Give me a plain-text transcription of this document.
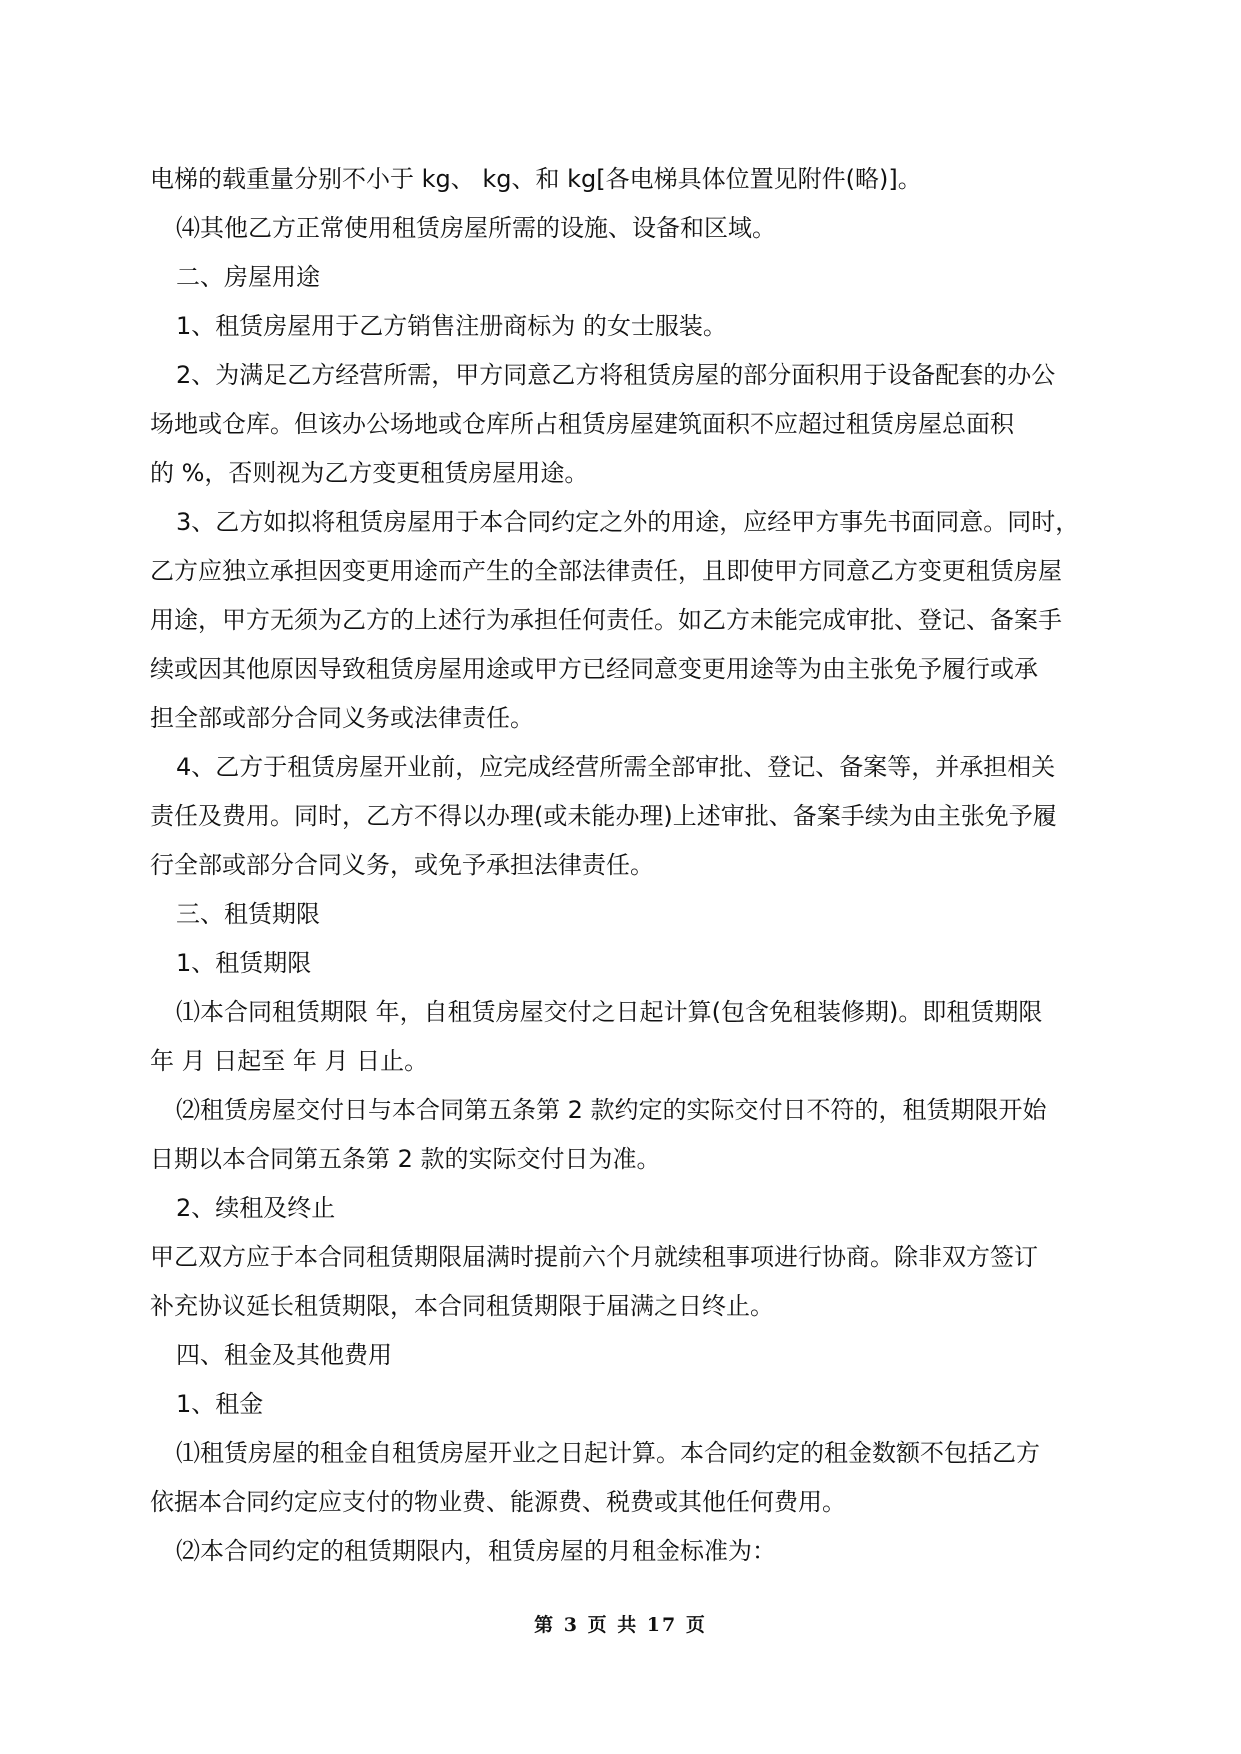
电梯的载重量分别不小于 kg、 kg、和 kg[各电梯具体位置见附件(略)]。
⑷其他乙方正常使用租赁房屋所需的设施、设备和区域。
二、房屋用途
1、租赁房屋用于乙方销售注册商标为 的女士服装。
2、为满足乙方经营所需，甲方同意乙方将租赁房屋的部分面积用于设备配套的办公
场地或仓库。但该办公场地或仓库所占租赁房屋建筑面积不应超过租赁房屋总面积
的 %，否则视为乙方变更租赁房屋用途。
3、乙方如拟将租赁房屋用于本合同约定之外的用途，应经甲方事先书面同意。同时，
乙方应独立承担因变更用途而产生的全部法律责任，且即使甲方同意乙方变更租赁房屋
用途，甲方无须为乙方的上述行为承担任何责任。如乙方未能完成审批、登记、备案手
续或因其他原因导致租赁房屋用途或甲方已经同意变更用途等为由主张免予履行或承
担全部或部分合同义务或法律责任。
4、乙方于租赁房屋开业前，应完成经营所需全部审批、登记、备案等，并承担相关
责任及费用。同时，乙方不得以办理(或未能办理)上述审批、备案手续为由主张免予履
行全部或部分合同义务，或免予承担法律责任。
三、租赁期限
1、租赁期限
⑴本合同租赁期限 年，自租赁房屋交付之日起计算(包含免租装修期)。即租赁期限
年 月 日起至 年 月 日止。
⑵租赁房屋交付日与本合同第五条第 2 款约定的实际交付日不符的，租赁期限开始
日期以本合同第五条第 2 款的实际交付日为准。
2、续租及终止
甲乙双方应于本合同租赁期限届满时提前六个月就续租事项进行协商。除非双方签订
补充协议延长租赁期限，本合同租赁期限于届满之日终止。
四、租金及其他费用
1、租金
⑴租赁房屋的租金自租赁房屋开业之日起计算。本合同约定的租金数额不包括乙方
依据本合同约定应支付的物业费、能源费、税费或其他任何费用。
⑵本合同约定的租赁期限内，租赁房屋的月租金标准为：
第 3 页 共 17 页
